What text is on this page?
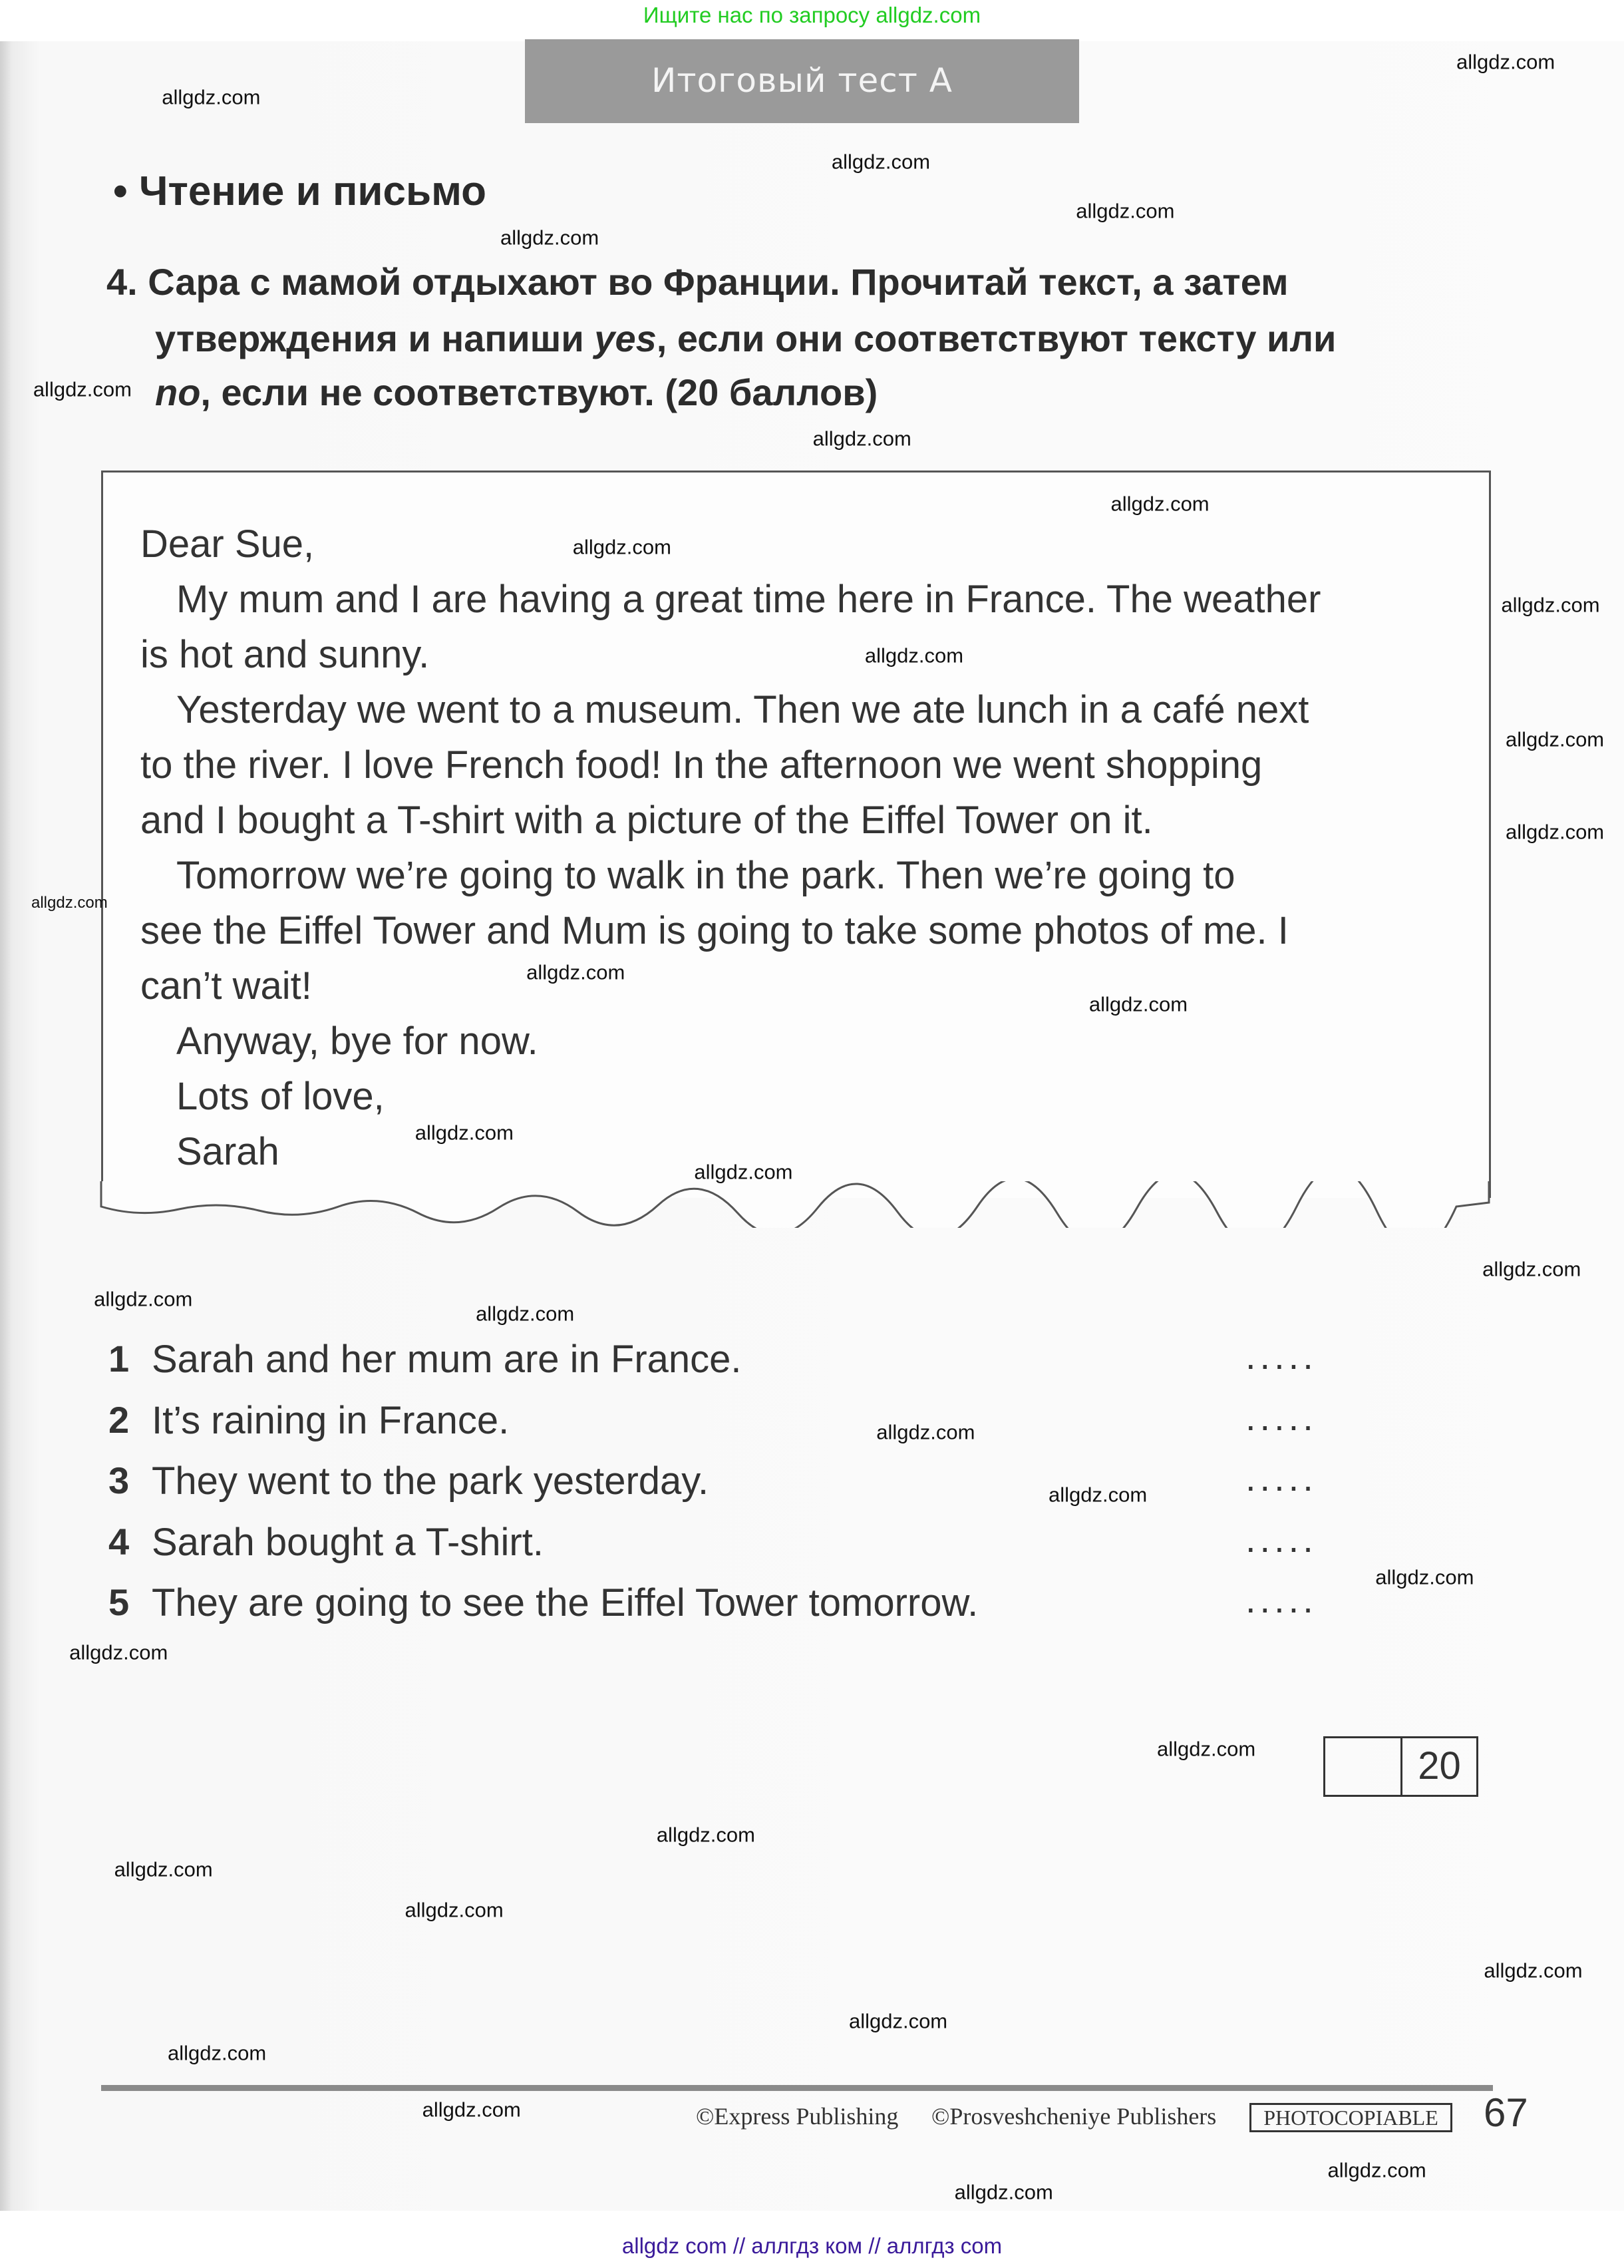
Ищите нас по запросу allgdz.com
Итоговый тест А
• Чтение и письмо
4. Сара с мамой отдыхают во Франции. Прочитай текст, а затем
утверждения и напиши yes, если они соответствуют тексту или
no, если не соответствуют. (20 баллов)
Dear Sue,
My mum and I are having a great time here in France. The weather
is hot and sunny.
Yesterday we went to a museum. Then we ate lunch in a café next
to the river. I love French food! In the afternoon we went shopping
and I bought a T-shirt with a picture of the Eiffel Tower on it.
Tomorrow we’re going to walk in the park. Then we’re going to
see the Eiffel Tower and Mum is going to take some photos of me. I
can’t wait!
Anyway, bye for now.
Lots of love,
Sarah
1 Sarah and her mum are in France.	.....
2 It’s raining in France.	.....
3 They went to the park yesterday.	.....
4 Sarah bought a T-shirt.	.....
5 They are going to see the Eiffel Tower tomorrow.	.....
20
©Express Publishing ©Prosveshcheniye Publishers	PHOTOCOPIABLE	67
allgdz com // аллгдз ком // аллгдз com
allgdz.com
allgdz.com
allgdz.com
allgdz.com
allgdz.com
allgdz.com
allgdz.com
allgdz.com
allgdz.com
allgdz.com
allgdz.com
allgdz.com
allgdz.com
allgdz.com
allgdz.com
allgdz.com
allgdz.com
allgdz.com
allgdz.com
allgdz.com
allgdz.com
allgdz.com
allgdz.com
allgdz.com
allgdz.com
allgdz.com
allgdz.com
allgdz.com
allgdz.com
allgdz.com
allgdz.com
allgdz.com
allgdz.com
allgdz.com
allgdz.com
